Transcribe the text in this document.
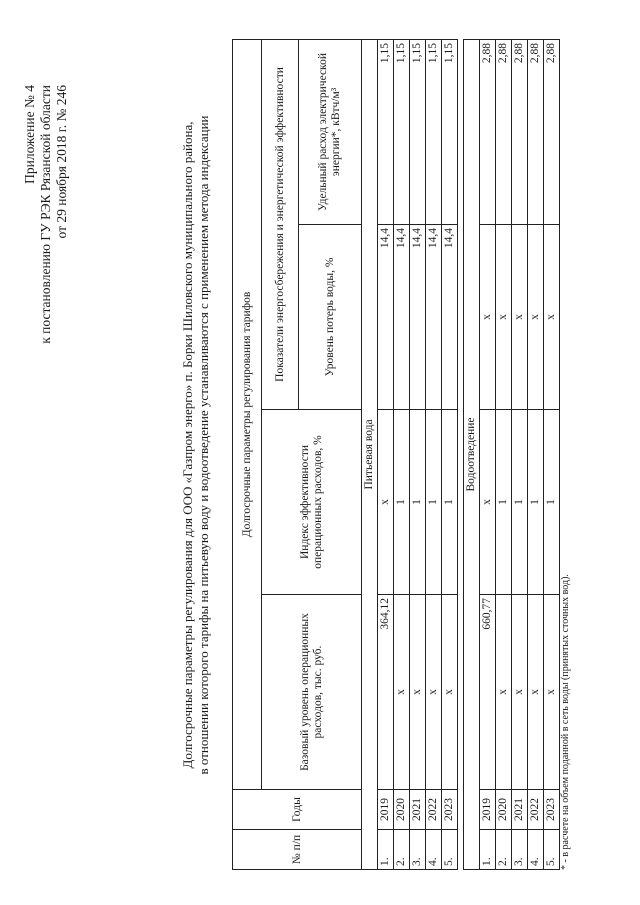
Приложение № 4 к постановлению ГУ РЭК Рязанской области от 29 ноября 2018 г. № 246	Долгосрочные параметры регулирования для ООО «Газпром энерго» п. Борки Шиловского муниципального района, в отношении которого тарифы на питьевую воду и водоотведение устанавливаются с применением метода индексации
№ п/п	Годы	Долгосрочные параметры регулирования тарифов			
		Базовый уровень операционных расходов, тыс. руб.	Индекс эффективности операционных расходов, %	Показатели энергосбережения и энергетической эффективности	
				Уровень потерь воды, %	Удельный расход электрической энергии*, кВтч/м³
Питьевая вода					
1.	2019	364,12	х	14,4	1,15
2.	2020	х	1	14,4	1,15
3.	2021	х	1	14,4	1,15
4.	2022	х	1	14,4	1,15
5.	2023	х	1	14,4	1,15

Водоотведение					
1.	2019	660,77	х	х	2,88
2.	2020	х	1	х	2,88
3.	2021	х	1	х	2,88
4.	2022	х	1	х	2,88
5.	2023	х	1	х	2,88
* - в расчете на объем поданной в сеть воды (принятых сточных вод).
